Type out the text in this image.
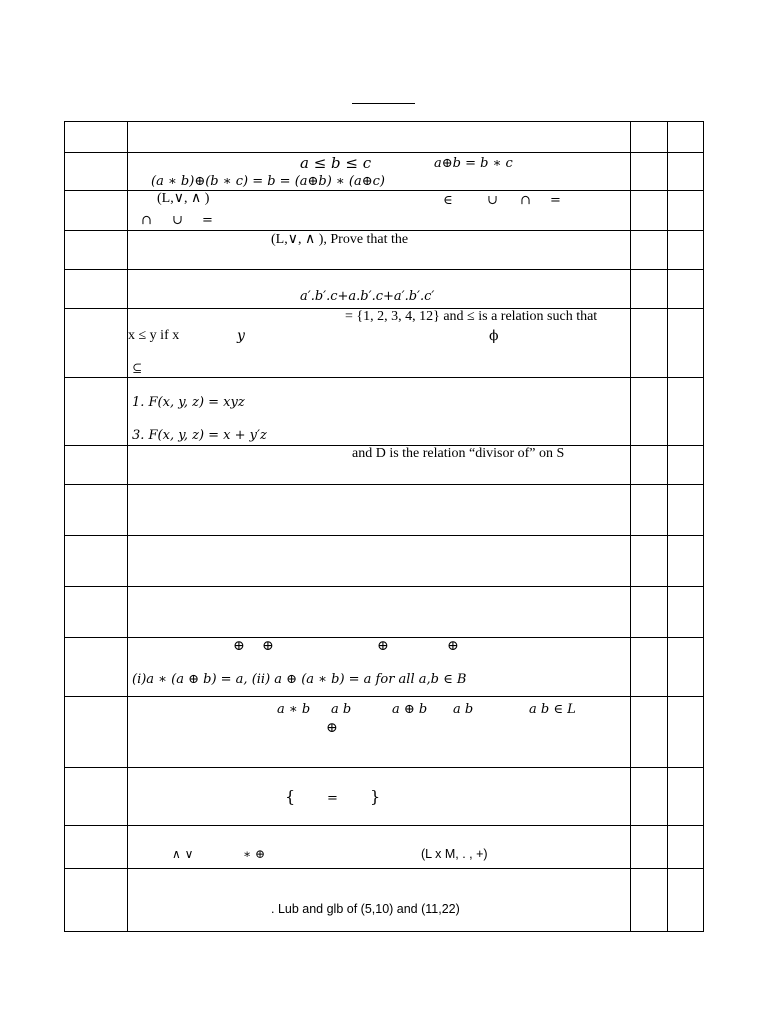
a ≤ b ≤ c	a⊕b = b ∗ c
(a ∗ b)⊕(b ∗ c) = b = (a⊕b) ∗ (a⊕c)
(L,∨, ∧ )	∈	∪ ∩ =
∩ ∪ =
(L,∨, ∧ ), Prove that the
a′.b′.c+a.b′.c+a′.b′.c′
= {1, 2, 3, 4, 12} and ≤ is a relation such that
x ≤ y if x	y	ϕ
⊆
1. F(x, y, z) = xyz
3. F(x, y, z) = x + y′z
and D is the relation “divisor of” on S
⊕ ⊕	⊕	⊕
(i)a ∗ (a ⊕ b) = a, (ii) a ⊕ (a ∗ b) = a for all a,b ∈ B
a ∗ b a b	a ⊕ b a b	a b ∈ L
⊕
{ = }
∧ ∨	∗ ⊕	(L x M, . , +)
. Lub and glb of (5,10) and (11,22)
